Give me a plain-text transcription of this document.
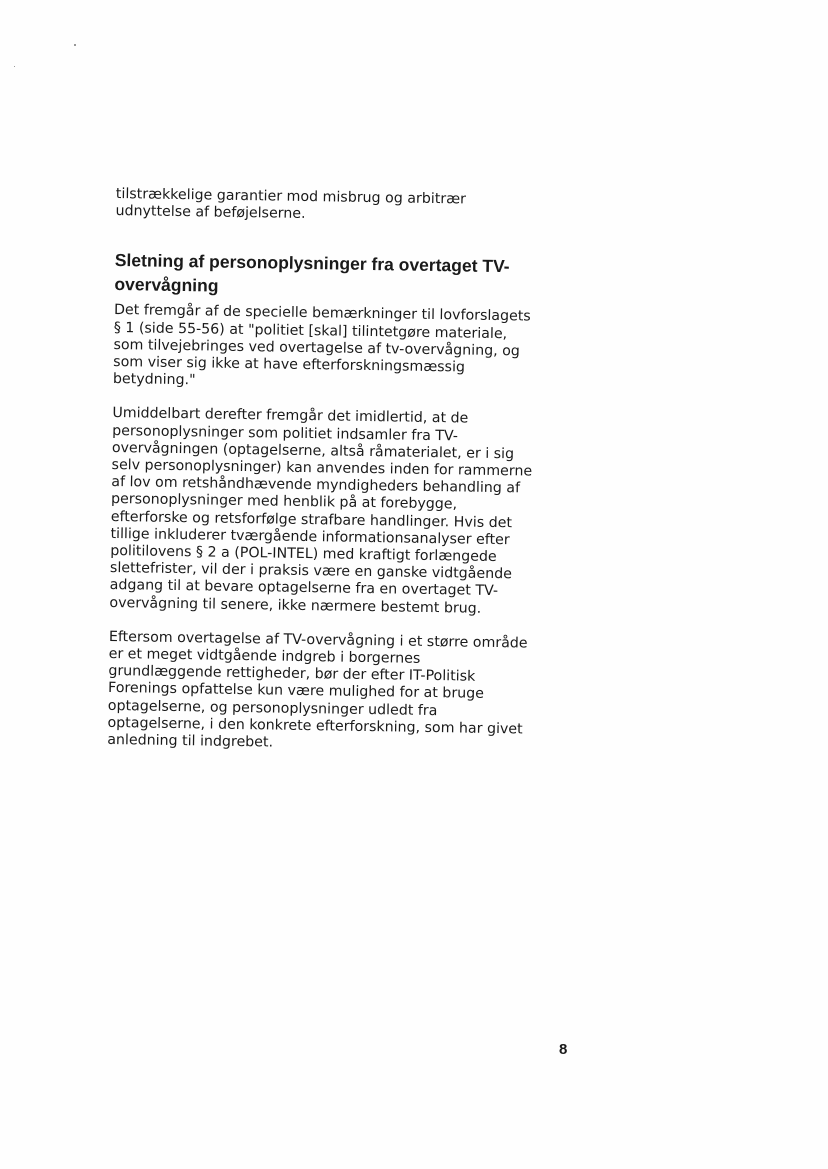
tilstrækkelige garantier mod misbrug og arbitrær
udnyttelse af beføjelserne.

Sletning af personoplysninger fra overtaget TV-
overvågning

Det fremgår af de specielle bemærkninger til lovforslagets
§ 1 (side 55-56) at "politiet [skal] tilintetgøre materiale,
som tilvejebringes ved overtagelse af tv-overvågning, og
som viser sig ikke at have efterforskningsmæssig
betydning."

Umiddelbart derefter fremgår det imidlertid, at de
personoplysninger som politiet indsamler fra TV-
overvågningen (optagelserne, altså råmaterialet, er i sig
selv personoplysninger) kan anvendes inden for rammerne
af lov om retshåndhævende myndigheders behandling af
personoplysninger med henblik på at forebygge,
efterforske og retsforfølge strafbare handlinger. Hvis det
tillige inkluderer tværgående informationsanalyser efter
politilovens § 2 a (POL-INTEL) med kraftigt forlængede
slettefrister, vil der i praksis være en ganske vidtgående
adgang til at bevare optagelserne fra en overtaget TV-
overvågning til senere, ikke nærmere bestemt brug.

Eftersom overtagelse af TV-overvågning i et større område
er et meget vidtgående indgreb i borgernes
grundlæggende rettigheder, bør der efter IT-Politisk
Forenings opfattelse kun være mulighed for at bruge
optagelserne, og personoplysninger udledt fra
optagelserne, i den konkrete efterforskning, som har givet
anledning til indgrebet.

8
